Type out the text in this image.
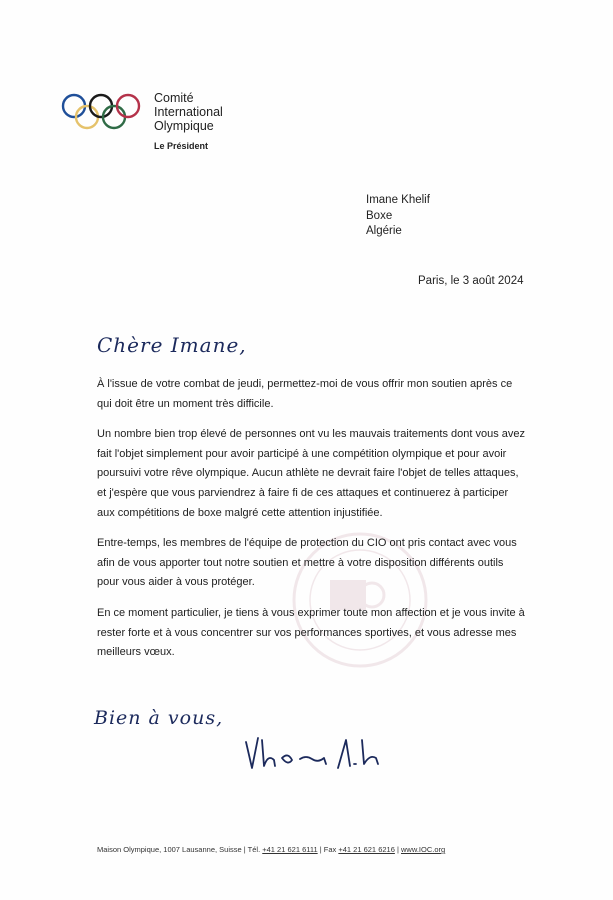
Comité
International
Olympique
Le Président
Imane Khelif
Boxe
Algérie
Paris, le 3 août 2024
Chère Imane,

À l'issue de votre combat de jeudi, permettez-moi de vous offrir mon soutien après ce qui doit être un moment très difficile.

Un nombre bien trop élevé de personnes ont vu les mauvais traitements dont vous avez fait l'objet simplement pour avoir participé à une compétition olympique et pour avoir poursuivi votre rêve olympique. Aucun athlète ne devrait faire l'objet de telles attaques, et j'espère que vous parviendrez à faire fi de ces attaques et continuerez à participer aux compétitions de boxe malgré cette attention injustifiée.

Entre-temps, les membres de l'équipe de protection du CIO ont pris contact avec vous afin de vous apporter tout notre soutien et mettre à votre disposition différents outils pour vous aider à vous protéger.

En ce moment particulier, je tiens à vous exprimer toute mon affection et je vous invite à rester forte et à vous concentrer sur vos performances sportives, et vous adresse mes meilleurs vœux.

Bien à vous,
Maison Olympique, 1007 Lausanne, Suisse | Tél. +41 21 621 6111 | Fax +41 21 621 6216 | www.IOC.org
